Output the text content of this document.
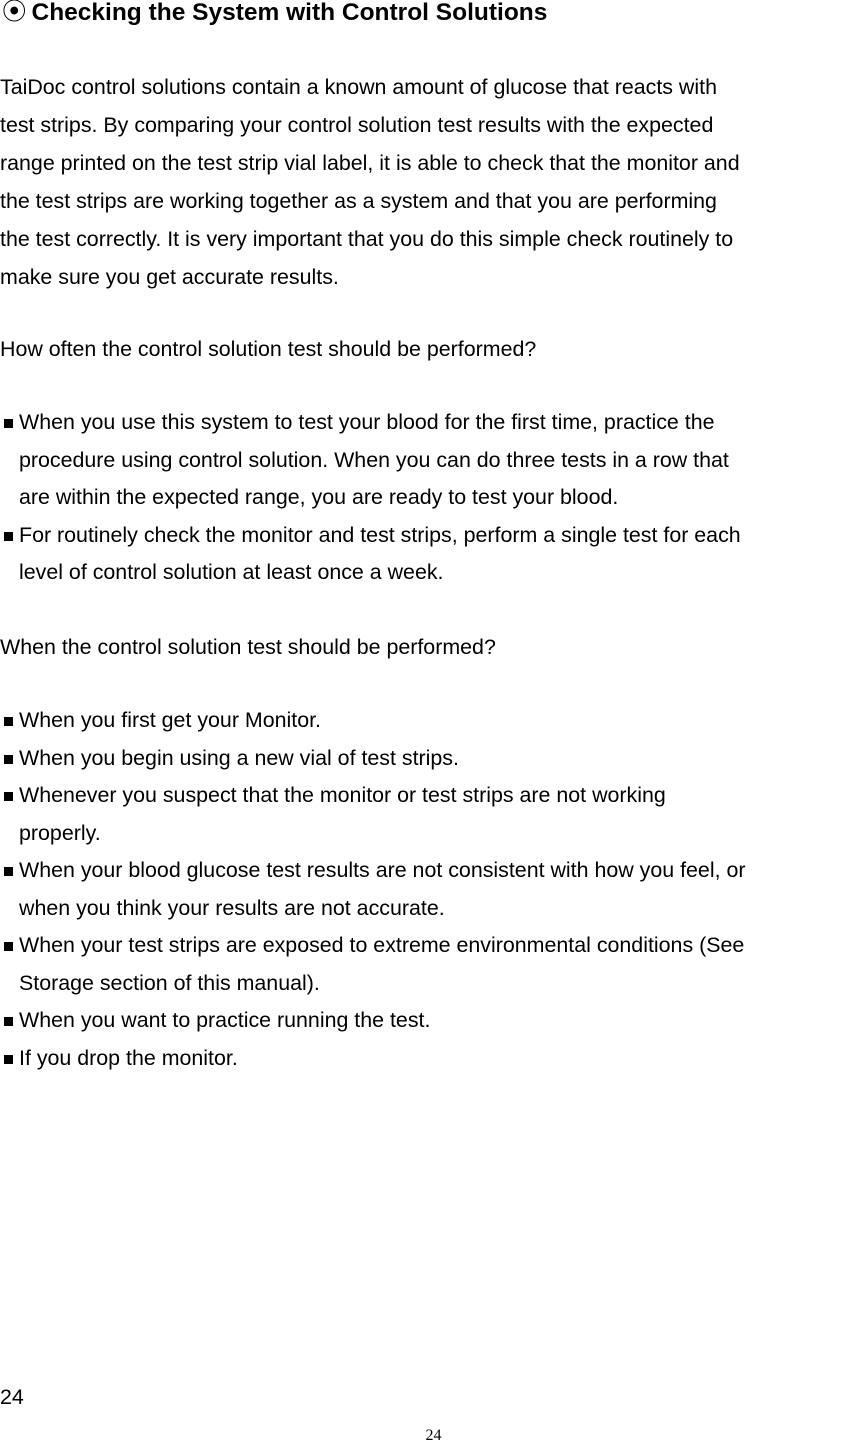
⦿ Checking the System with Control Solutions
TaiDoc control solutions contain a known amount of glucose that reacts with
test strips. By comparing your control solution test results with the expected
range printed on the test strip vial label, it is able to check that the monitor and
the test strips are working together as a system and that you are performing
the test correctly. It is very important that you do this simple check routinely to
make sure you get accurate results.
How often the control solution test should be performed?
When you use this system to test your blood for the first time, practice the
procedure using control solution. When you can do three tests in a row that
are within the expected range, you are ready to test your blood.
For routinely check the monitor and test strips, perform a single test for each
level of control solution at least once a week.
When the control solution test should be performed?
When you first get your Monitor.
When you begin using a new vial of test strips.
Whenever you suspect that the monitor or test strips are not working
properly.
When your blood glucose test results are not consistent with how you feel, or
when you think your results are not accurate.
When your test strips are exposed to extreme environmental conditions (See
Storage section of this manual).
When you want to practice running the test.
If you drop the monitor.
24
24
